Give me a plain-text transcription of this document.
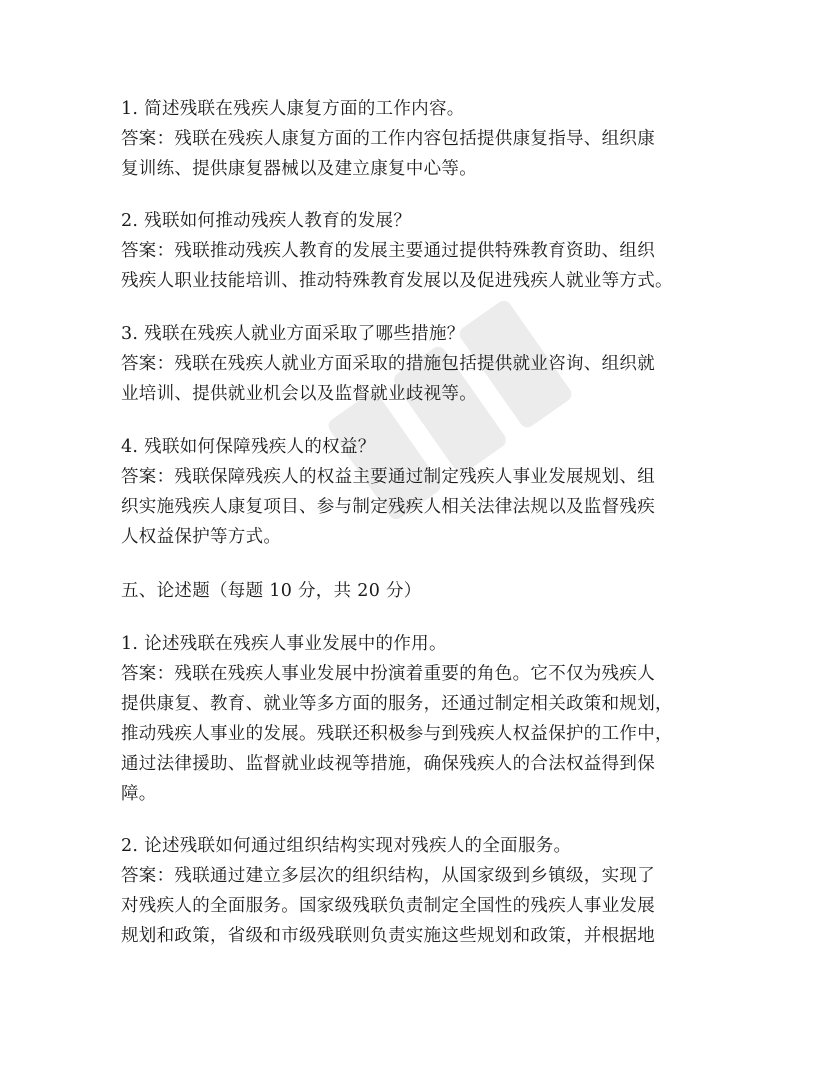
1. 简述残联在残疾人康复方面的工作内容。
答案：残联在残疾人康复方面的工作内容包括提供康复指导、组织康
复训练、提供康复器械以及建立康复中心等。
2. 残联如何推动残疾人教育的发展？
答案：残联推动残疾人教育的发展主要通过提供特殊教育资助、组织
残疾人职业技能培训、推动特殊教育发展以及促进残疾人就业等方式。
3. 残联在残疾人就业方面采取了哪些措施？
答案：残联在残疾人就业方面采取的措施包括提供就业咨询、组织就
业培训、提供就业机会以及监督就业歧视等。
4. 残联如何保障残疾人的权益？
答案：残联保障残疾人的权益主要通过制定残疾人事业发展规划、组
织实施残疾人康复项目、参与制定残疾人相关法律法规以及监督残疾
人权益保护等方式。
五、论述题（每题 10 分，共 20 分）
1. 论述残联在残疾人事业发展中的作用。
答案：残联在残疾人事业发展中扮演着重要的角色。它不仅为残疾人
提供康复、教育、就业等多方面的服务，还通过制定相关政策和规划，
推动残疾人事业的发展。残联还积极参与到残疾人权益保护的工作中，
通过法律援助、监督就业歧视等措施，确保残疾人的合法权益得到保
障。
2. 论述残联如何通过组织结构实现对残疾人的全面服务。
答案：残联通过建立多层次的组织结构，从国家级到乡镇级，实现了
对残疾人的全面服务。国家级残联负责制定全国性的残疾人事业发展
规划和政策，省级和市级残联则负责实施这些规划和政策，并根据地
